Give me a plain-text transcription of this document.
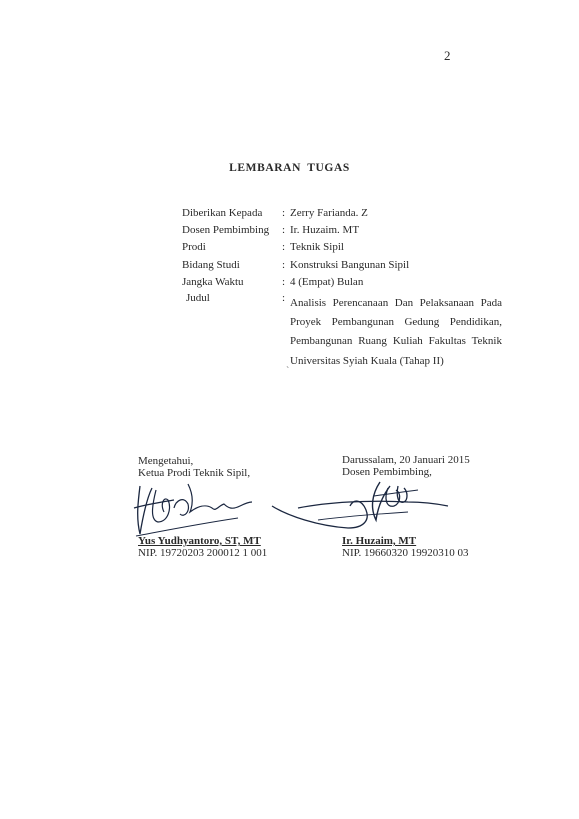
2
LEMBARAN TUGAS
Diberikan Kepada : Zerry Farianda. Z
Dosen Pembimbing : Ir. Huzaim. MT
Prodi	: Teknik Sipil
Bidang Studi	: Konstruksi Bangunan Sipil
Jangka Waktu	: 4 (Empat) Bulan
Judul	: Analisis Perencanaan Dan Pelaksanaan Pada
Proyek Pembangunan Gedung Pendidikan,
Pembangunan Ruang Kuliah Fakultas Teknik
Universitas Syiah Kuala (Tahap II)
`
Mengetahui,
Ketua Prodi Teknik Sipil,
Yus Yudhyantoro, ST, MT
NIP. 19720203 200012 1 001
Darussalam, 20 Januari 2015
Dosen Pembimbing,
Ir. Huzaim, MT
NIP. 19660320 19920310 03
